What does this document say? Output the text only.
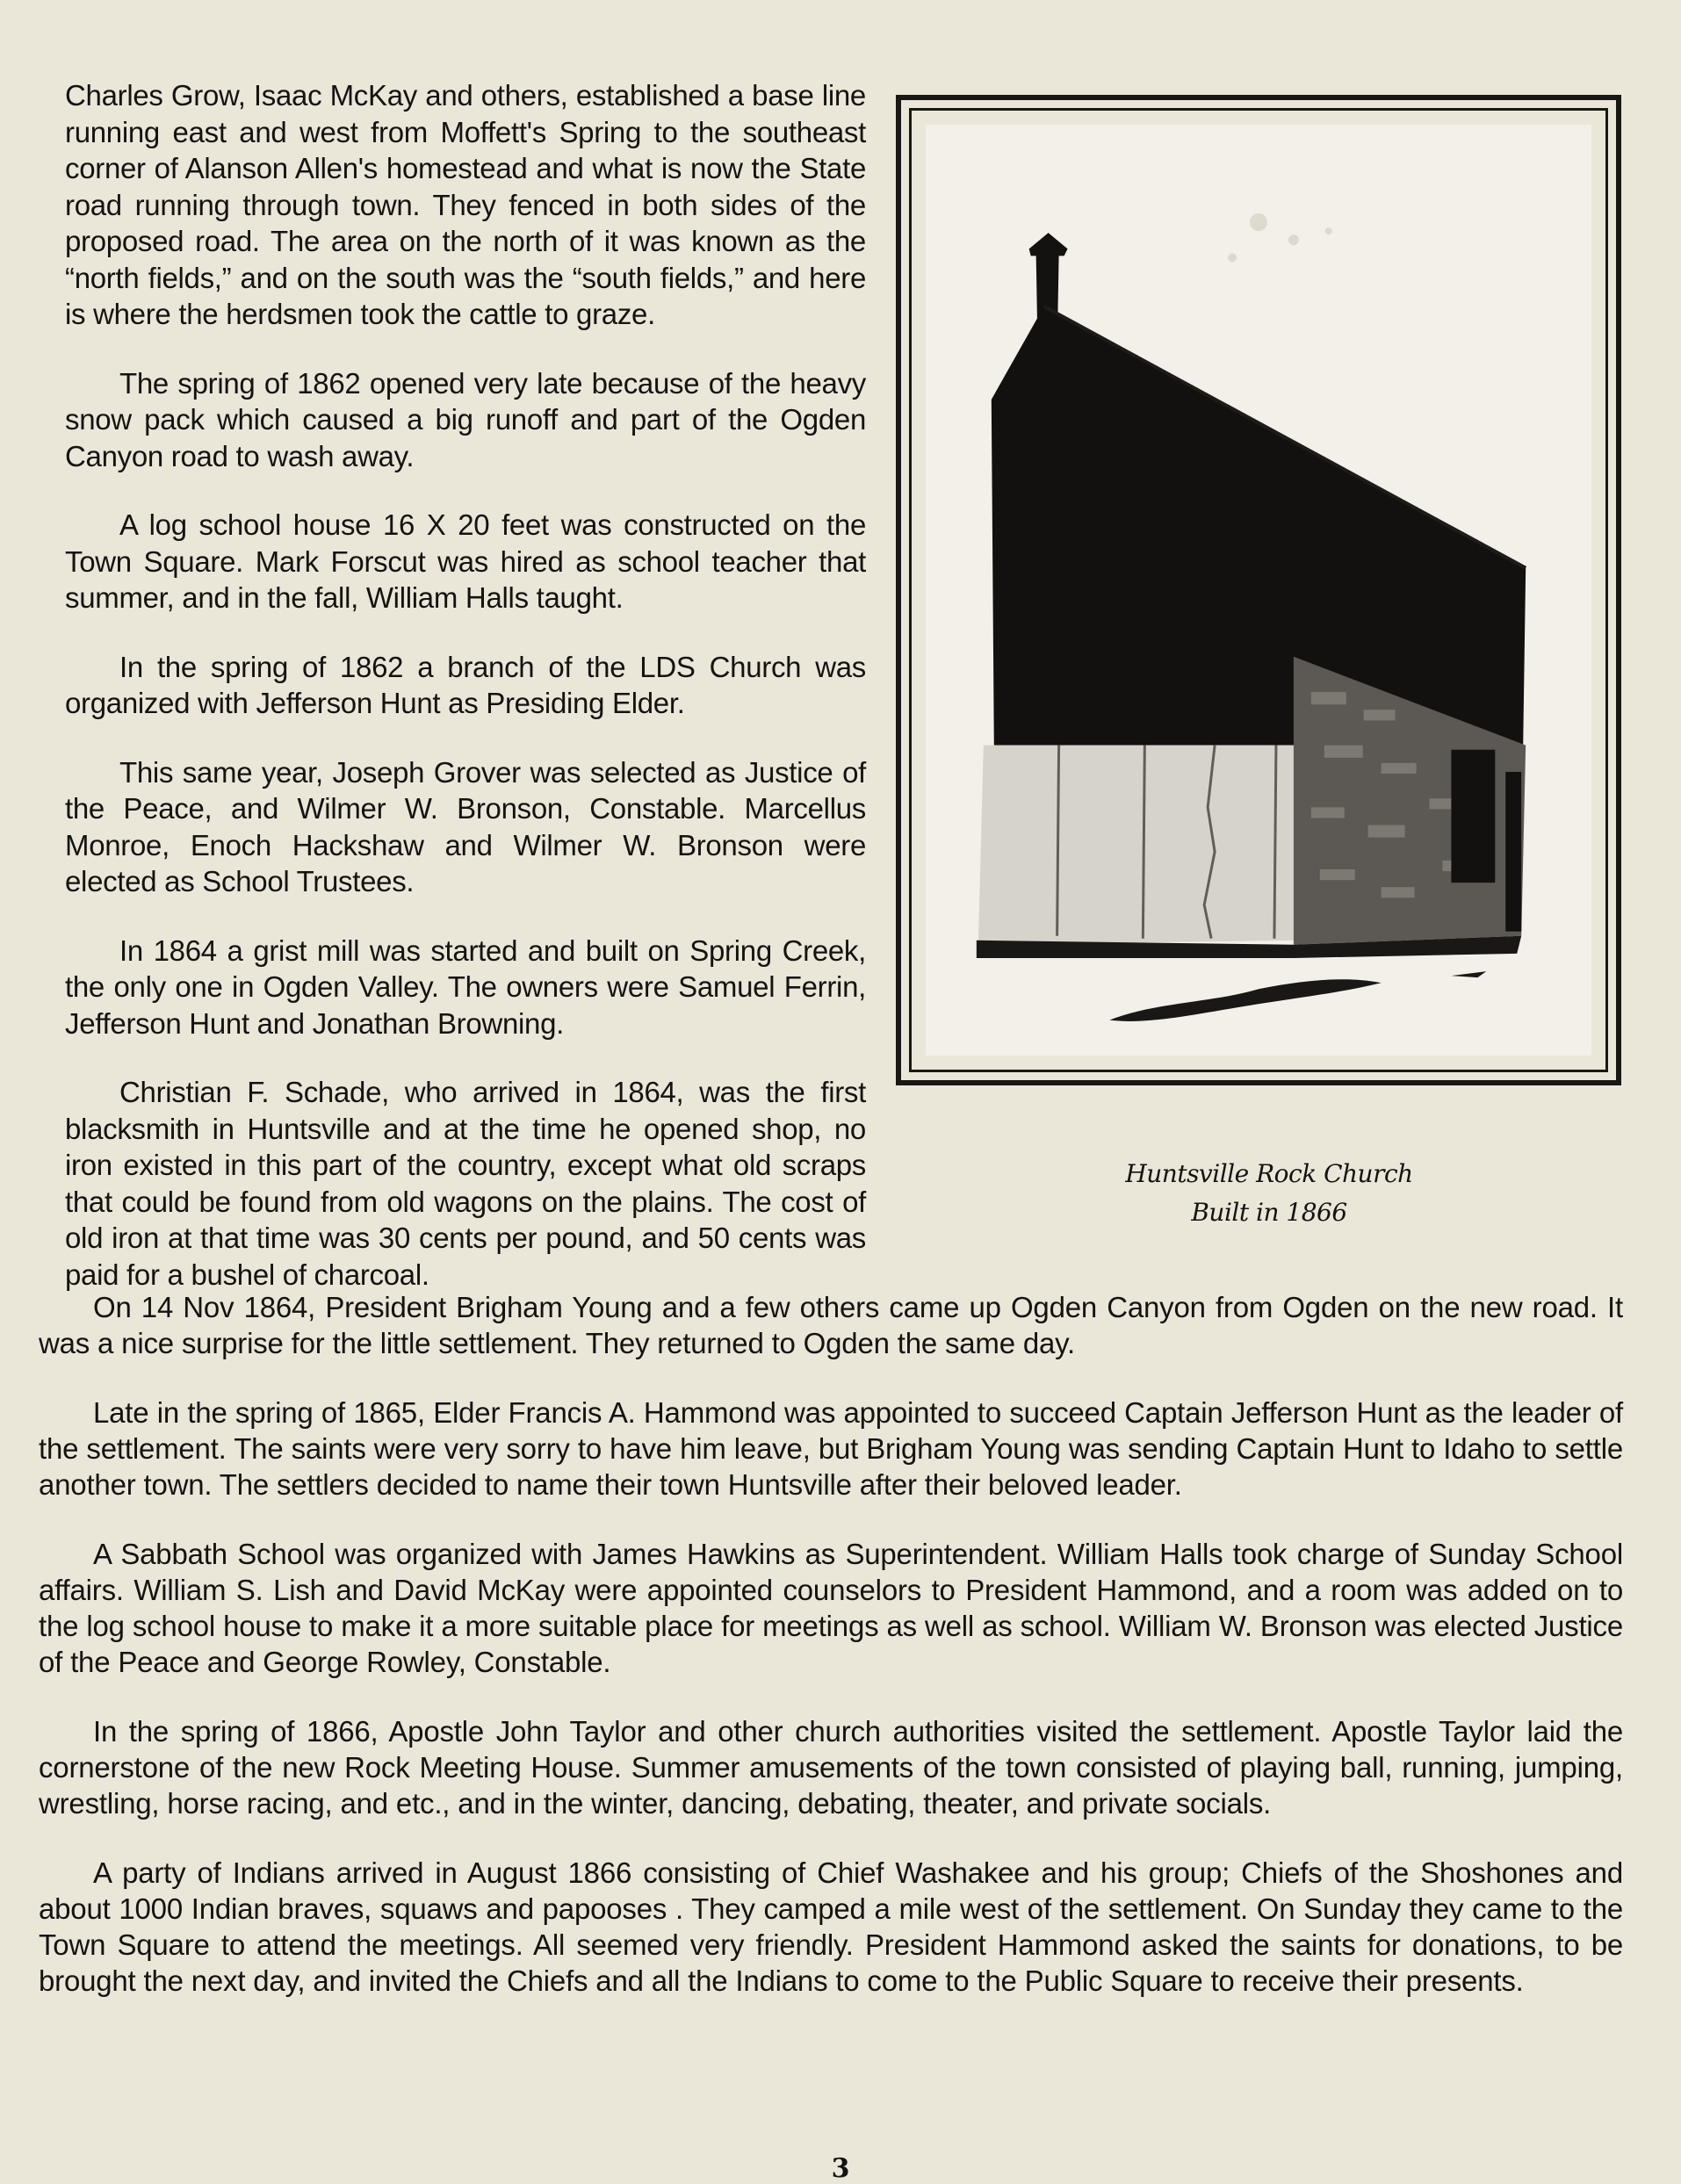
Charles Grow, Isaac McKay and others, established a base line running east and west from Moffett's Spring to the southeast corner of Alanson Allen's homestead and what is now the State road running through town. They fenced in both sides of the proposed road. The area on the north of it was known as the “north fields,” and on the south was the “south fields,” and here is where the herdsmen took the cattle to graze.

The spring of 1862 opened very late because of the heavy snow pack which caused a big runoff and part of the Ogden Canyon road to wash away.

A log school house 16 X 20 feet was constructed on the Town Square. Mark Forscut was hired as school teacher that summer, and in the fall, William Halls taught.

In the spring of 1862 a branch of the LDS Church was organized with Jefferson Hunt as Presiding Elder.

This same year, Joseph Grover was selected as Justice of the Peace, and Wilmer W. Bronson, Constable. Marcellus Monroe, Enoch Hackshaw and Wilmer W. Bronson were elected as School Trustees.

In 1864 a grist mill was started and built on Spring Creek, the only one in Ogden Valley. The owners were Samuel Ferrin, Jefferson Hunt and Jonathan Browning.

Christian F. Schade, who arrived in 1864, was the first blacksmith in Huntsville and at the time he opened shop, no iron existed in this part of the country, except what old scraps that could be found from old wagons on the plains. The cost of old iron at that time was 30 cents per pound, and 50 cents was paid for a bushel of charcoal.

Huntsville Rock Church
Built in 1866

On 14 Nov 1864, President Brigham Young and a few others came up Ogden Canyon from Ogden on the new road. It was a nice surprise for the little settlement. They returned to Ogden the same day.

Late in the spring of 1865, Elder Francis A. Hammond was appointed to succeed Captain Jefferson Hunt as the leader of the settlement. The saints were very sorry to have him leave, but Brigham Young was sending Captain Hunt to Idaho to settle another town. The settlers decided to name their town Huntsville after their beloved leader.

A Sabbath School was organized with James Hawkins as Superintendent. William Halls took charge of Sunday School affairs. William S. Lish and David McKay were appointed counselors to President Hammond, and a room was added on to the log school house to make it a more suitable place for meetings as well as school. William W. Bronson was elected Justice of the Peace and George Rowley, Constable.

In the spring of 1866, Apostle John Taylor and other church authorities visited the settlement. Apostle Taylor laid the cornerstone of the new Rock Meeting House. Summer amusements of the town consisted of playing ball, running, jumping, wrestling, horse racing, and etc., and in the winter, dancing, debating, theater, and private socials.

A party of Indians arrived in August 1866 consisting of Chief Washakee and his group; Chiefs of the Shoshones and about 1000 Indian braves, squaws and papooses . They camped a mile west of the settlement. On Sunday they came to the Town Square to attend the meetings. All seemed very friendly. President Hammond asked the saints for donations, to be brought the next day, and invited the Chiefs and all the Indians to come to the Public Square to receive their presents.

3
